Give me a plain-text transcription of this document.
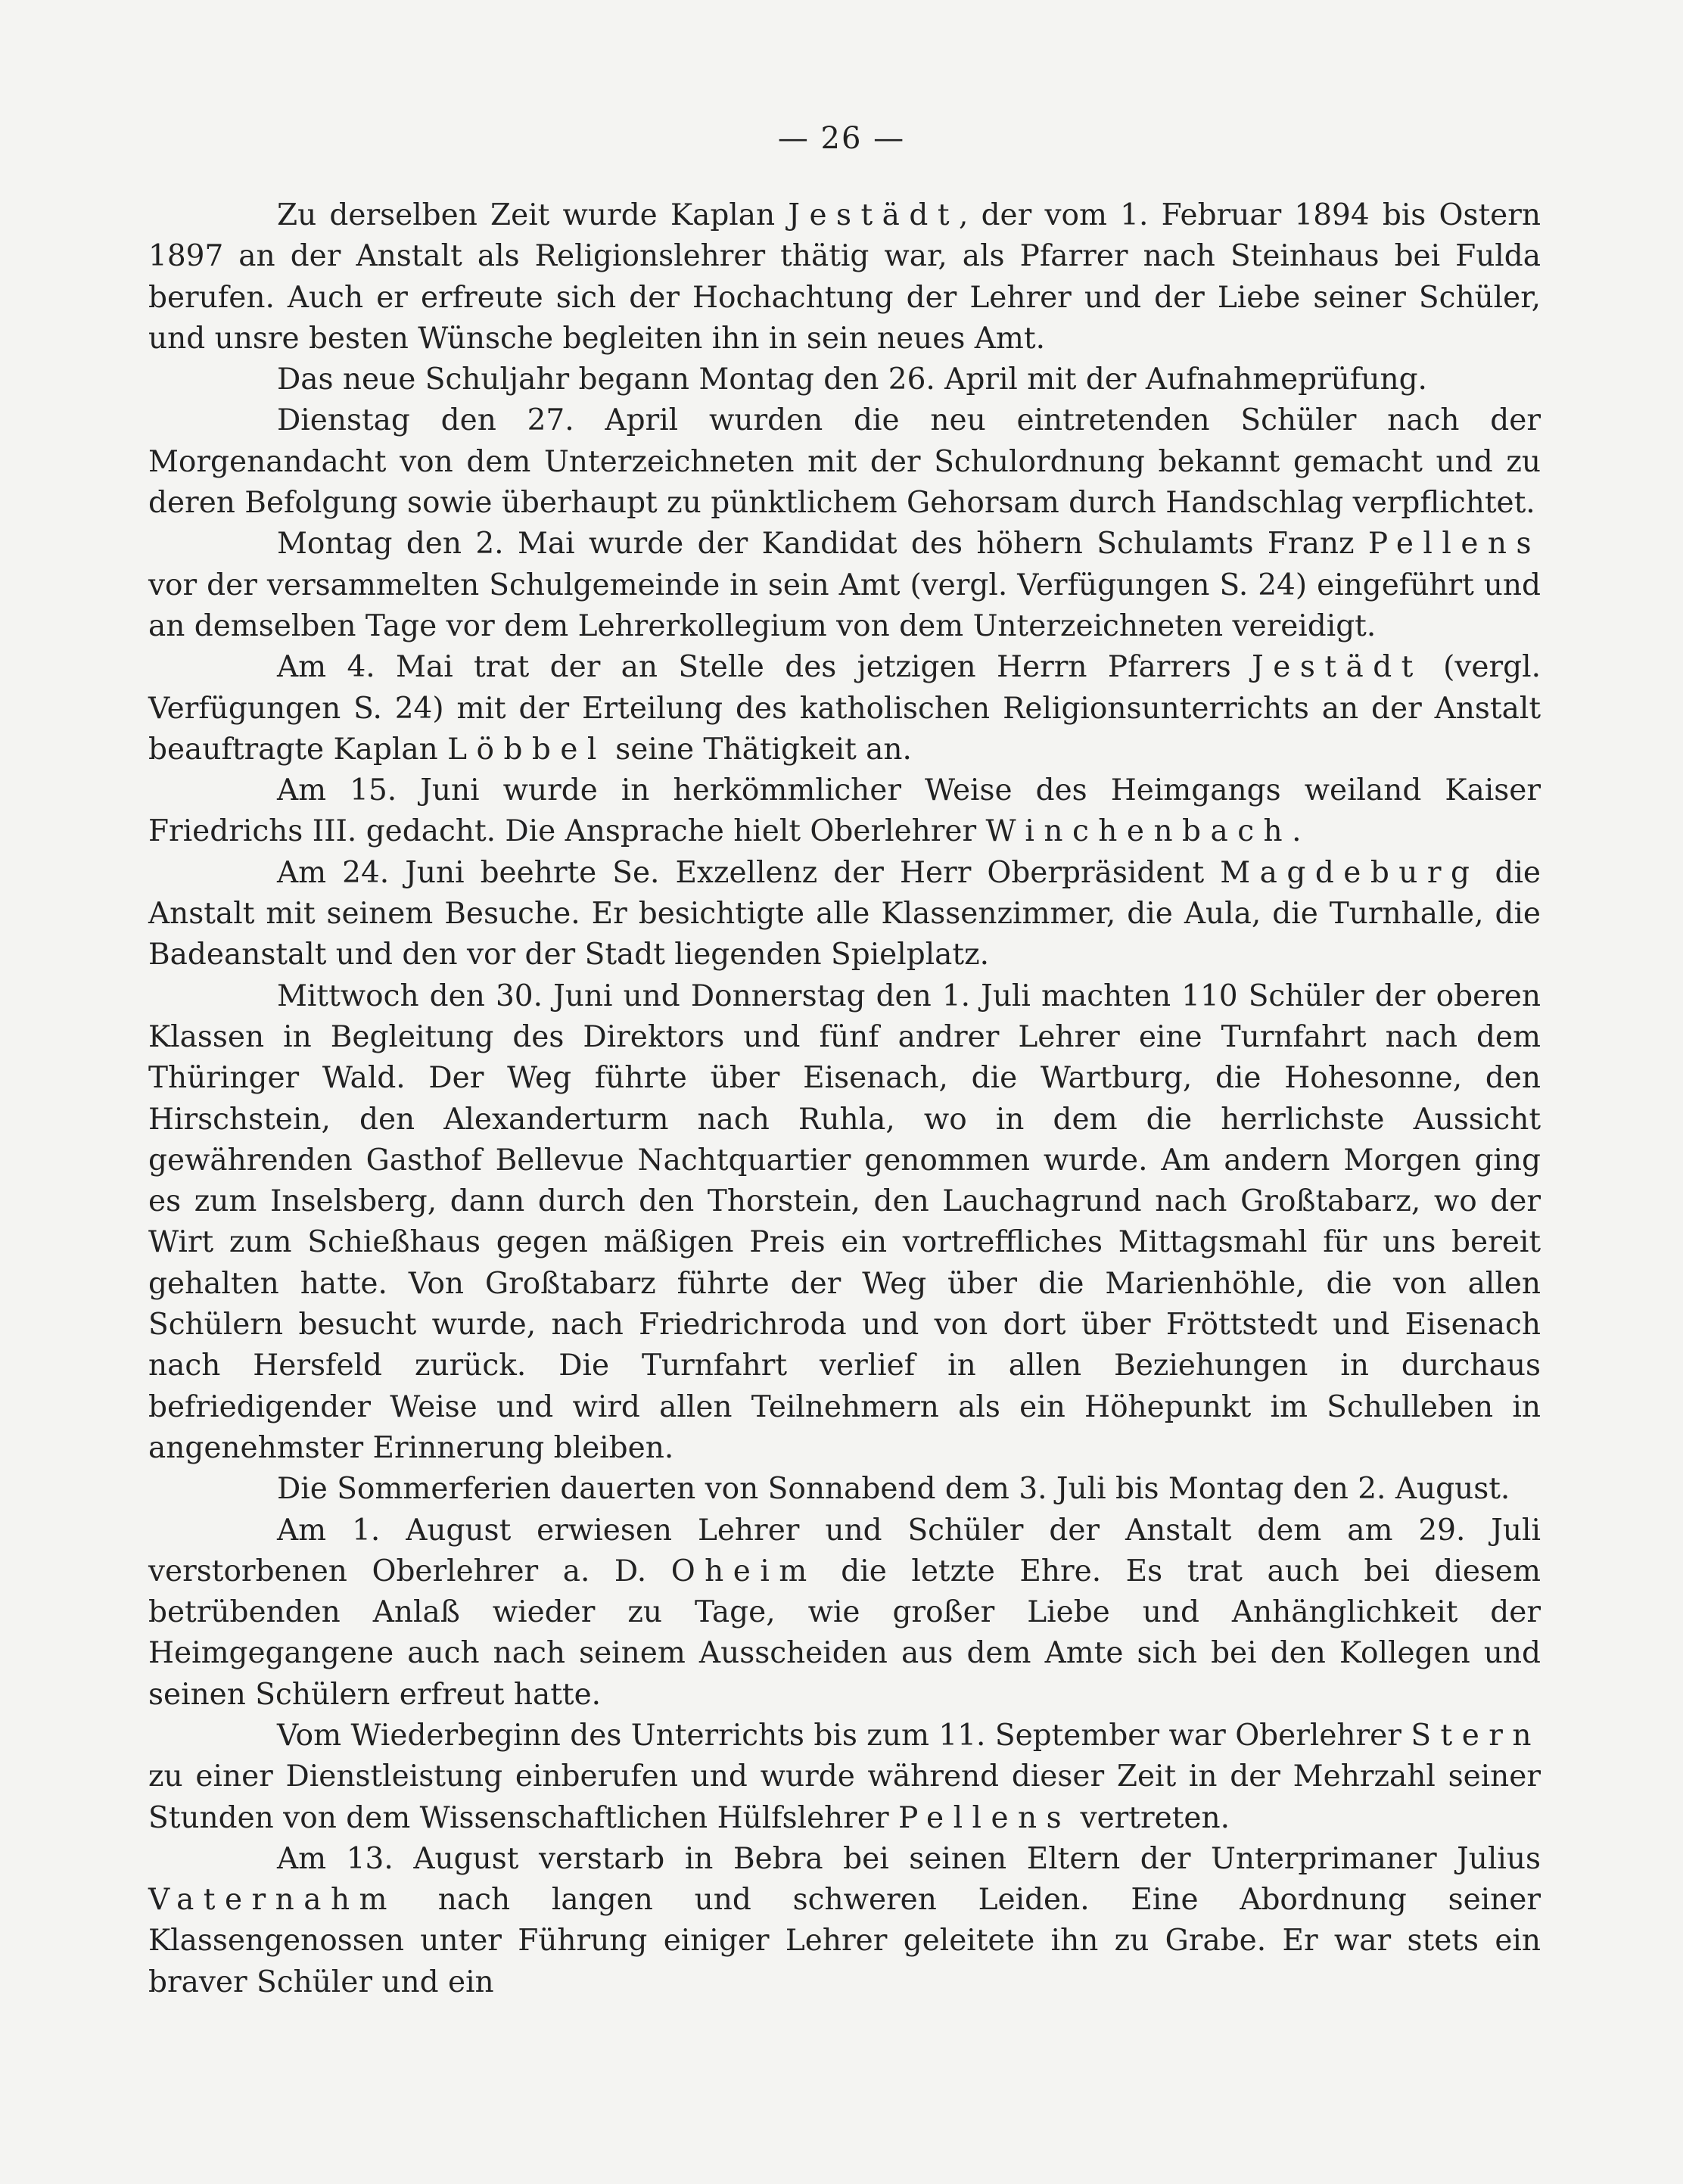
— 26 —

Zu derselben Zeit wurde Kaplan Jestädt, der vom 1. Februar 1894 bis Ostern 1897 an der Anstalt als Religionslehrer thätig war, als Pfarrer nach Steinhaus bei Fulda berufen. Auch er erfreute sich der Hochachtung der Lehrer und der Liebe seiner Schüler, und unsre besten Wünsche begleiten ihn in sein neues Amt.

Das neue Schuljahr begann Montag den 26. April mit der Aufnahmeprüfung.

Dienstag den 27. April wurden die neu eintretenden Schüler nach der Morgenandacht von dem Unterzeichneten mit der Schulordnung bekannt gemacht und zu deren Befolgung sowie überhaupt zu pünktlichem Gehorsam durch Handschlag verpflichtet.

Montag den 2. Mai wurde der Kandidat des höhern Schulamts Franz Pellens vor der versammelten Schulgemeinde in sein Amt (vergl. Verfügungen S. 24) eingeführt und an demselben Tage vor dem Lehrerkollegium von dem Unterzeichneten vereidigt.

Am 4. Mai trat der an Stelle des jetzigen Herrn Pfarrers Jestädt (vergl. Verfügungen S. 24) mit der Erteilung des katholischen Religionsunterrichts an der Anstalt beauftragte Kaplan Löbbel seine Thätigkeit an.

Am 15. Juni wurde in herkömmlicher Weise des Heimgangs weiland Kaiser Friedrichs III. gedacht. Die Ansprache hielt Oberlehrer Winchenbach.

Am 24. Juni beehrte Se. Exzellenz der Herr Oberpräsident Magdeburg die Anstalt mit seinem Besuche. Er besichtigte alle Klassenzimmer, die Aula, die Turnhalle, die Badeanstalt und den vor der Stadt liegenden Spielplatz.

Mittwoch den 30. Juni und Donnerstag den 1. Juli machten 110 Schüler der oberen Klassen in Begleitung des Direktors und fünf andrer Lehrer eine Turnfahrt nach dem Thüringer Wald. Der Weg führte über Eisenach, die Wartburg, die Hohesonne, den Hirschstein, den Alexanderturm nach Ruhla, wo in dem die herrlichste Aussicht gewährenden Gasthof Bellevue Nachtquartier genommen wurde. Am andern Morgen ging es zum Inselsberg, dann durch den Thorstein, den Lauchagrund nach Großtabarz, wo der Wirt zum Schießhaus gegen mäßigen Preis ein vortreffliches Mittagsmahl für uns bereit gehalten hatte. Von Großtabarz führte der Weg über die Marienhöhle, die von allen Schülern besucht wurde, nach Friedrichroda und von dort über Fröttstedt und Eisenach nach Hersfeld zurück. Die Turnfahrt verlief in allen Beziehungen in durchaus befriedigender Weise und wird allen Teilnehmern als ein Höhepunkt im Schulleben in angenehmster Erinnerung bleiben.

Die Sommerferien dauerten von Sonnabend dem 3. Juli bis Montag den 2. August.

Am 1. August erwiesen Lehrer und Schüler der Anstalt dem am 29. Juli verstorbenen Oberlehrer a. D. Oheim die letzte Ehre. Es trat auch bei diesem betrübenden Anlaß wieder zu Tage, wie großer Liebe und Anhänglichkeit der Heimgegangene auch nach seinem Ausscheiden aus dem Amte sich bei den Kollegen und seinen Schülern erfreut hatte.

Vom Wiederbeginn des Unterrichts bis zum 11. September war Oberlehrer Stern zu einer Dienstleistung einberufen und wurde während dieser Zeit in der Mehrzahl seiner Stunden von dem Wissenschaftlichen Hülfslehrer Pellens vertreten.

Am 13. August verstarb in Bebra bei seinen Eltern der Unterprimaner Julius Vaternahm nach langen und schweren Leiden. Eine Abordnung seiner Klassengenossen unter Führung einiger Lehrer geleitete ihn zu Grabe. Er war stets ein braver Schüler und ein
